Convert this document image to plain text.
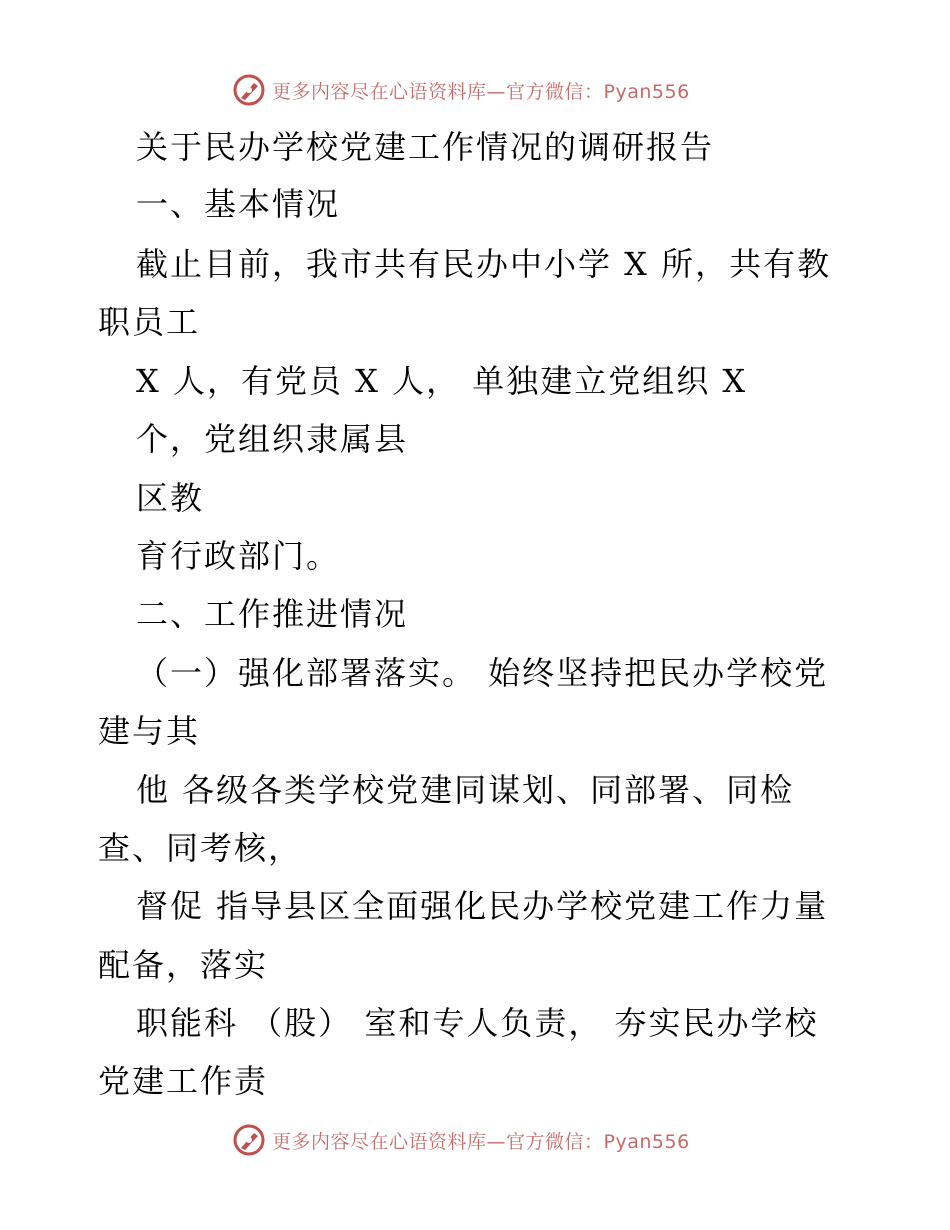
更多内容尽在心语资料库—官方微信：Pyan556
关于民办学校党建工作情况的调研报告
一、基本情况
截止目前，我市共有民办中小学 X 所，共有教
职员工
X 人，有党员 X 人， 单独建立党组织 X
个，党组织隶属县
区教
育行政部门。
二、工作推进情况
（一）强化部署落实。 始终坚持把民办学校党
建与其
他 各级各类学校党建同谋划、同部署、同检
查、同考核，
督促 指导县区全面强化民办学校党建工作力量
配备，落实
职能科 （股） 室和专人负责， 夯实民办学校
党建工作责
更多内容尽在心语资料库—官方微信：Pyan556
